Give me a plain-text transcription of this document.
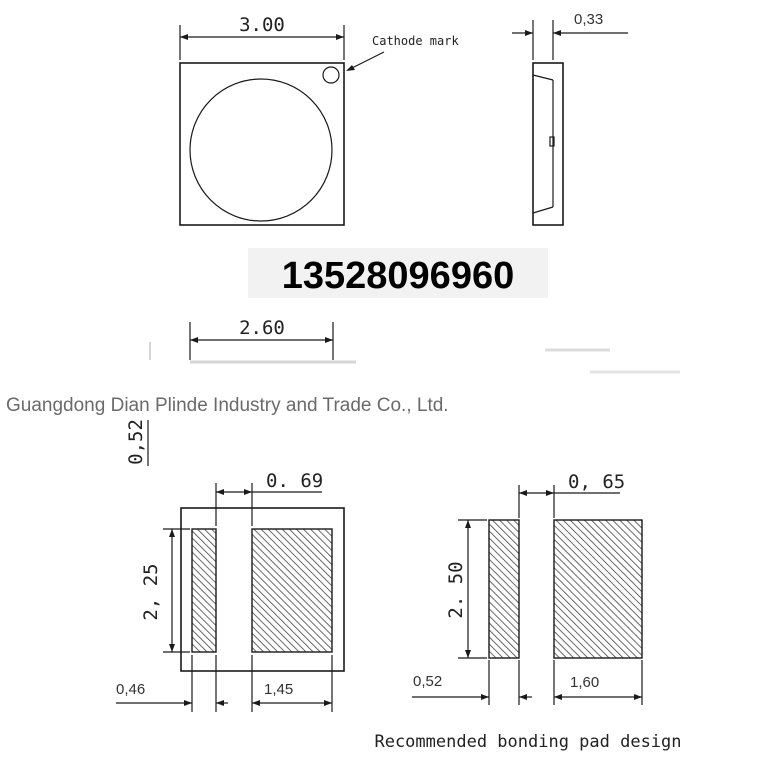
3.00
Cathode mark
0,33
13528096960
2.60
0,52
Guangdong Dian Plinde Industry and Trade Co., Ltd.
0. 69
2, 25
0,46	1,45
0, 65
2. 50
0,52	1,60
Recommended bonding pad design
